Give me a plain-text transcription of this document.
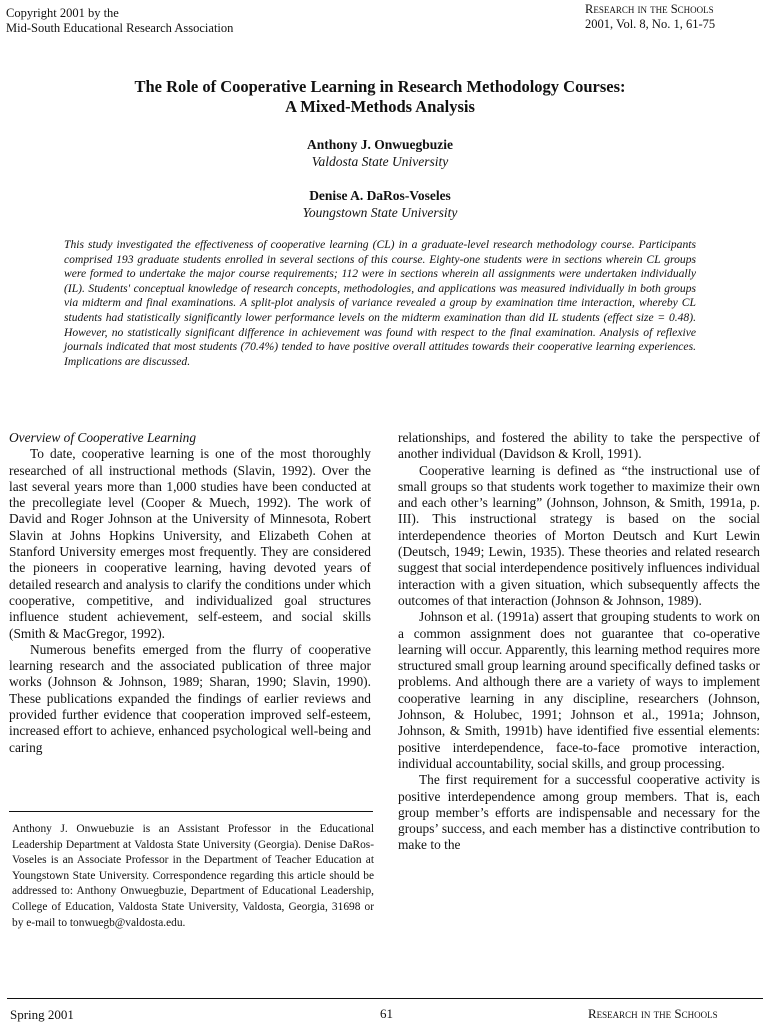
Copyright 2001 by the
Mid-South Educational Research Association
Research in the Schools
2001, Vol. 8, No. 1, 61-75
The Role of Cooperative Learning in Research Methodology Courses:
A Mixed-Methods Analysis
Anthony J. Onwuegbuzie
Valdosta State University
Denise A. DaRos-Voseles
Youngstown State University
This study investigated the effectiveness of cooperative learning (CL) in a graduate-level research methodology course. Participants comprised 193 graduate students enrolled in several sections of this course. Eighty-one students were in sections wherein CL groups were formed to undertake the major course requirements; 112 were in sections wherein all assignments were undertaken individually (IL). Students' conceptual knowledge of research concepts, methodologies, and applications was measured individually in both groups via midterm and final examinations. A split-plot analysis of variance revealed a group by examination time interaction, whereby CL students had statistically significantly lower performance levels on the midterm examination than did IL students (effect size = 0.48). However, no statistically significant difference in achievement was found with respect to the final examination. Analysis of reflexive journals indicated that most students (70.4%) tended to have positive overall attitudes towards their cooperative learning experiences. Implications are discussed.

Overview of Cooperative Learning

To date, cooperative learning is one of the most thoroughly researched of all instructional methods (Slavin, 1992). Over the last several years more than 1,000 studies have been conducted at the precollegiate level (Cooper & Muech, 1992). The work of David and Roger Johnson at the University of Minnesota, Robert Slavin at Johns Hopkins University, and Elizabeth Cohen at Stanford University emerges most frequently. They are considered the pioneers in cooperative learning, having devoted years of detailed research and analysis to clarify the conditions under which cooperative, competitive, and individualized goal structures influence student achievement, self-esteem, and social skills (Smith & MacGregor, 1992).

Numerous benefits emerged from the flurry of cooperative learning research and the associated publication of three major works (Johnson & Johnson, 1989; Sharan, 1990; Slavin, 1990). These publications expanded the findings of earlier reviews and provided further evidence that cooperation improved self-esteem, increased effort to achieve, enhanced psychological well-being and caring

Anthony J. Onwuebuzie is an Assistant Professor in the Educational Leadership Department at Valdosta State University (Georgia). Denise DaRos-Voseles is an Associate Professor in the Department of Teacher Education at Youngstown State University. Correspondence regarding this article should be addressed to: Anthony Onwuegbuzie, Department of Educational Leadership, College of Education, Valdosta State University, Valdosta, Georgia, 31698 or by e-mail to tonwuegb@valdosta.edu.

relationships, and fostered the ability to take the perspective of another individual (Davidson & Kroll, 1991).

Cooperative learning is defined as “the instructional use of small groups so that students work together to maximize their own and each other’s learning” (Johnson, Johnson, & Smith, 1991a, p. III). This instructional strategy is based on the social interdependence theories of Morton Deutsch and Kurt Lewin (Deutsch, 1949; Lewin, 1935). These theories and related research suggest that social interdependence positively influences individual interaction with a given situation, which subsequently affects the outcomes of that interaction (Johnson & Johnson, 1989).

Johnson et al. (1991a) assert that grouping students to work on a common assignment does not guarantee that co-operative learning will occur. Apparently, this learning method requires more structured small group learning around specifically defined tasks or problems. And although there are a variety of ways to implement cooperative learning in any discipline, researchers (Johnson, Johnson, & Holubec, 1991; Johnson et al., 1991a; Johnson, Johnson, & Smith, 1991b) have identified five essential elements: positive interdependence, face-to-face promotive interaction, individual accountability, social skills, and group processing.

The first requirement for a successful cooperative activity is positive interdependence among group members. That is, each group member’s efforts are indispensable and necessary for the groups’ success, and each member has a distinctive contribution to make to the

Spring 2001	61	Research in the Schools
